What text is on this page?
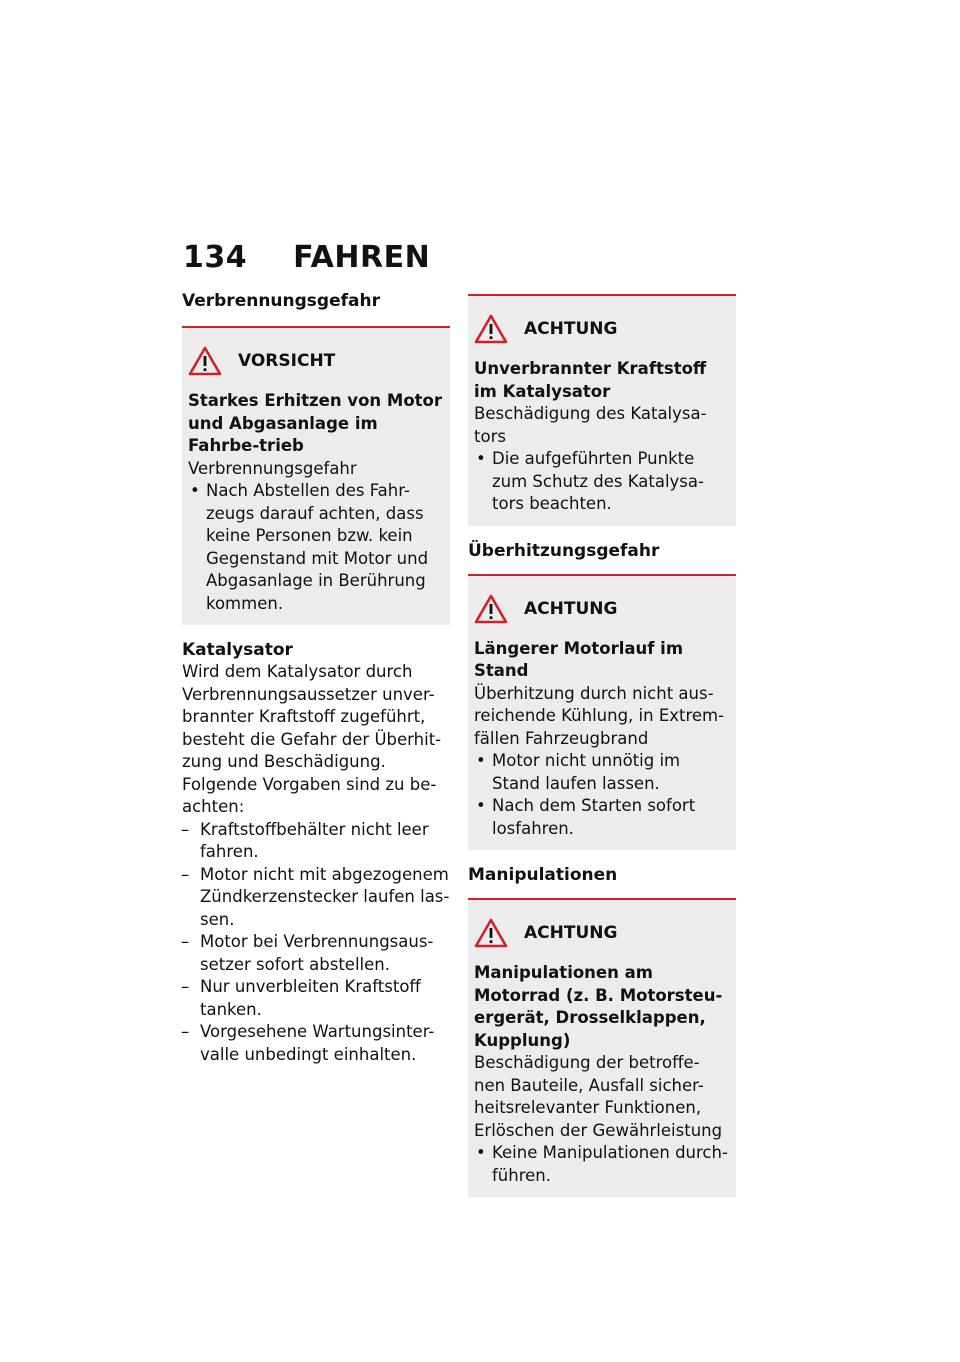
134 FAHREN
Verbrennungsgefahr
VORSICHT
Starkes Erhitzen von Motor und Abgasanlage im Fahrbe-trieb
Verbrennungsgefahr
• Nach Abstellen des Fahr-zeugs darauf achten, dass keine Personen bzw. kein Gegenstand mit Motor und Abgasanlage in Berührung kommen.
Katalysator
Wird dem Katalysator durch Verbrennungsaussetzer unver-brannter Kraftstoff zugeführt, besteht die Gefahr der Überhit-zung und Beschädigung.
Folgende Vorgaben sind zu be-achten:
– Kraftstoffbehälter nicht leer fahren.
– Motor nicht mit abgezogenem Zündkerzenstecker laufen las-sen.
– Motor bei Verbrennungsaus-setzer sofort abstellen.
– Nur unverbleiten Kraftstoff tanken.
– Vorgesehene Wartungsinter-valle unbedingt einhalten.
ACHTUNG
Unverbrannter Kraftstoff im Katalysator
Beschädigung des Katalysa-tors
• Die aufgeführten Punkte zum Schutz des Katalysa-tors beachten.
Überhitzungsgefahr
ACHTUNG
Längerer Motorlauf im Stand
Überhitzung durch nicht aus-reichende Kühlung, in Extrem-fällen Fahrzeugbrand
• Motor nicht unnötig im Stand laufen lassen.
• Nach dem Starten sofort losfahren.
Manipulationen
ACHTUNG
Manipulationen am Motorrad (z. B. Motorsteu-ergerät, Drosselklappen, Kupplung)
Beschädigung der betroffe-nen Bauteile, Ausfall sicher-heitsrelevanter Funktionen, Erlöschen der Gewährleistung
• Keine Manipulationen durch-führen.
